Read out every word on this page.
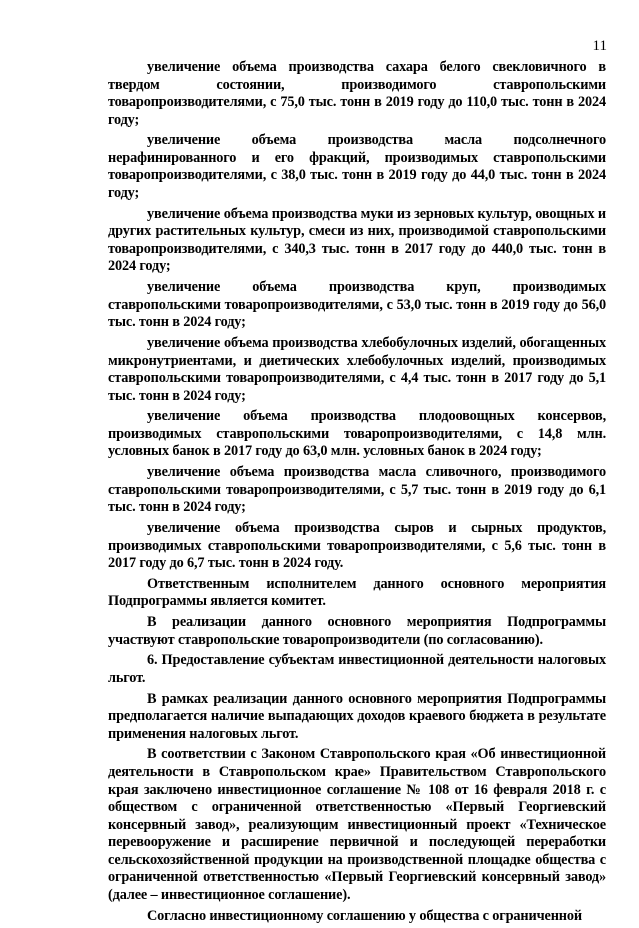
11

увеличение объема производства сахара белого свекловичного в твердом состоянии, производимого ставропольскими товаропроизводителями, с 75,0 тыс. тонн в 2019 году до 110,0 тыс. тонн в 2024 году;

увеличение объема производства масла подсолнечного нерафинированного и его фракций, производимых ставропольскими товаропроизводителями, с 38,0 тыс. тонн в 2019 году до 44,0 тыс. тонн в 2024 году;

увеличение объема производства муки из зерновых культур, овощных и других растительных культур, смеси из них, производимой ставропольскими товаропроизводителями, с 340,3 тыс. тонн в 2017 году до 440,0 тыс. тонн в 2024 году;

увеличение объема производства круп, производимых ставропольскими товаропроизводителями, с 53,0 тыс. тонн в 2019 году до 56,0 тыс. тонн в 2024 году;

увеличение объема производства хлебобулочных изделий, обогащенных микронутриентами, и диетических хлебобулочных изделий, производимых ставропольскими товаропроизводителями, с 4,4 тыс. тонн в 2017 году до 5,1 тыс. тонн в 2024 году;

увеличение объема производства плодоовощных консервов, производимых ставропольскими товаропроизводителями, с 14,8 млн. условных банок в 2017 году до 63,0 млн. условных банок в 2024 году;

увеличение объема производства масла сливочного, производимого ставропольскими товаропроизводителями, с 5,7 тыс. тонн в 2019 году до 6,1 тыс. тонн в 2024 году;

увеличение объема производства сыров и сырных продуктов, производимых ставропольскими товаропроизводителями, с 5,6 тыс. тонн в 2017 году до 6,7 тыс. тонн в 2024 году.

Ответственным исполнителем данного основного мероприятия Подпрограммы является комитет.

В реализации данного основного мероприятия Подпрограммы участвуют ставропольские товаропроизводители (по согласованию).

6. Предоставление субъектам инвестиционной деятельности налоговых льгот.

В рамках реализации данного основного мероприятия Подпрограммы предполагается наличие выпадающих доходов краевого бюджета в результате применения налоговых льгот.

В соответствии с Законом Ставропольского края «Об инвестиционной деятельности в Ставропольском крае» Правительством Ставропольского края заключено инвестиционное соглашение № 108 от 16 февраля 2018 г. с обществом с ограниченной ответственностью «Первый Георгиевский консервный завод», реализующим инвестиционный проект «Техническое перевооружение и расширение первичной и последующей переработки сельскохозяйственной продукции на производственной площадке общества с ограниченной ответственностью «Первый Георгиевский консервный завод» (далее – инвестиционное соглашение).

Согласно инвестиционному соглашению у общества с ограниченной
